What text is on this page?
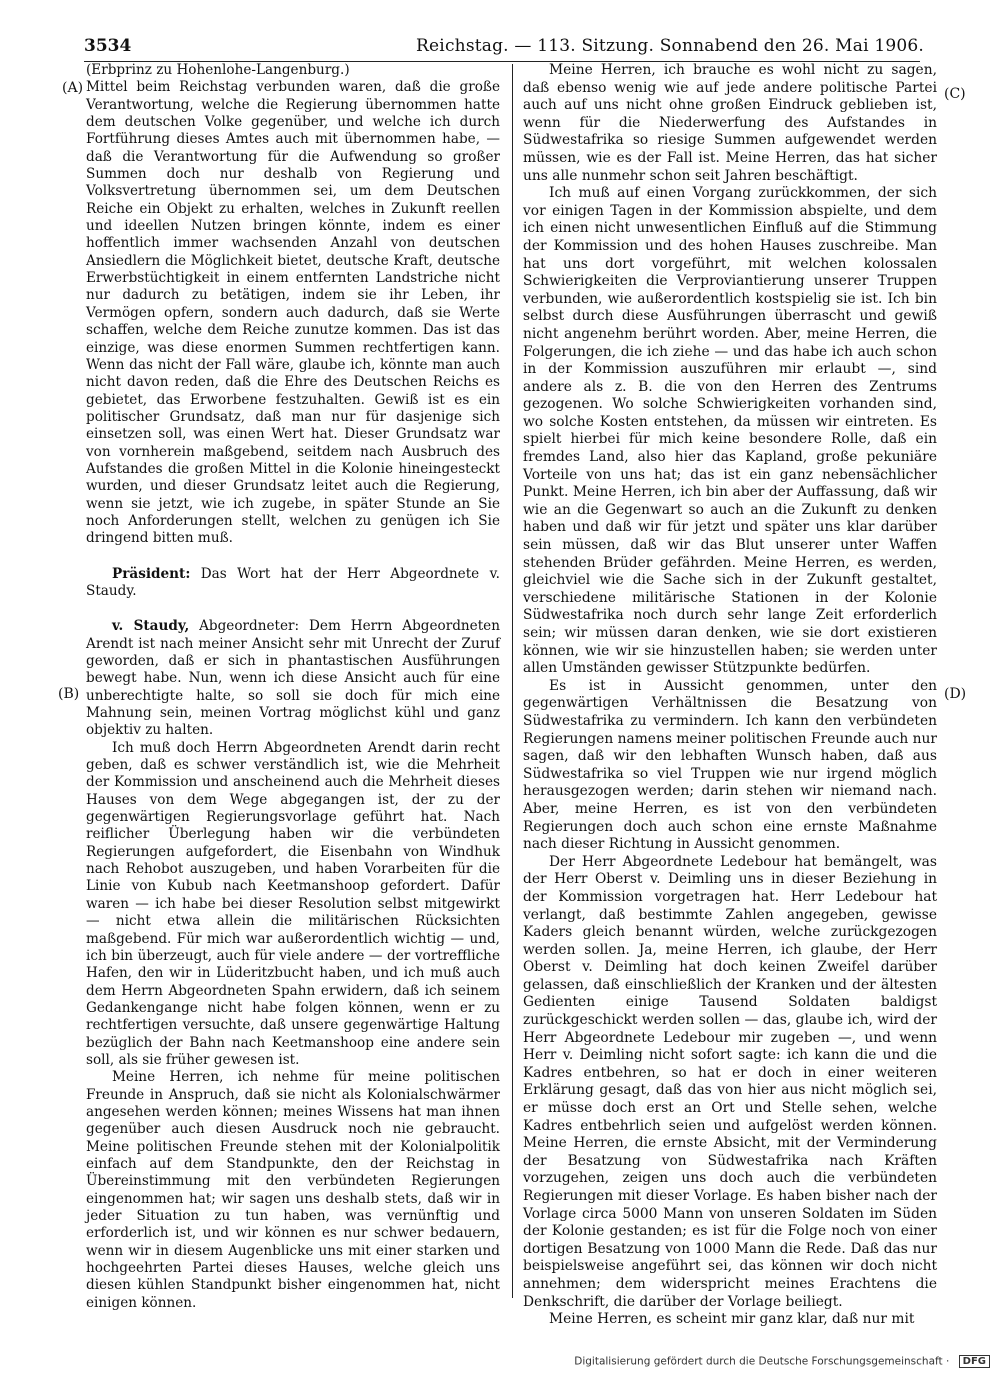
3534	Reichstag. — 113. Sitzung. Sonnabend den 26. Mai 1906.
(A)
(B)
(C)
(D)

(Erbprinz zu Hohenlohe-Langenburg.)

Mittel beim Reichstag verbunden waren, daß die große Verantwortung, welche die Regierung übernommen hatte dem deutschen Volke gegenüber, und welche ich durch Fortführung dieses Amtes auch mit übernommen habe, — daß die Verantwortung für die Aufwendung so großer Summen doch nur deshalb von Regierung und Volksvertretung übernommen sei, um dem Deutschen Reiche ein Objekt zu erhalten, welches in Zukunft reellen und ideellen Nutzen bringen könnte, indem es einer hoffentlich immer wachsenden Anzahl von deutschen Ansiedlern die Möglichkeit bietet, deutsche Kraft, deutsche Erwerbstüchtigkeit in einem entfernten Landstriche nicht nur dadurch zu betätigen, indem sie ihr Leben, ihr Vermögen opfern, sondern auch dadurch, daß sie Werte schaffen, welche dem Reiche zunutze kommen. Das ist das einzige, was diese enormen Summen rechtfertigen kann. Wenn das nicht der Fall wäre, glaube ich, könnte man auch nicht davon reden, daß die Ehre des Deutschen Reichs es gebietet, das Erworbene festzuhalten. Gewiß ist es ein politischer Grundsatz, daß man nur für dasjenige sich einsetzen soll, was einen Wert hat. Dieser Grundsatz war von vornherein maßgebend, seitdem nach Ausbruch des Aufstandes die großen Mittel in die Kolonie hineingesteckt wurden, und dieser Grundsatz leitet auch die Regierung, wenn sie jetzt, wie ich zugebe, in später Stunde an Sie noch Anforderungen stellt, welchen zu genügen ich Sie dringend bitten muß.

Präsident: Das Wort hat der Herr Abgeordnete v. Staudy.

v. Staudy, Abgeordneter: Dem Herrn Abgeordneten Arendt ist nach meiner Ansicht sehr mit Unrecht der Zuruf geworden, daß er sich in phantastischen Ausführungen bewegt habe. Nun, wenn ich diese Ansicht auch für eine unberechtigte halte, so soll sie doch für mich eine Mahnung sein, meinen Vortrag möglichst kühl und ganz objektiv zu halten.

Ich muß doch Herrn Abgeordneten Arendt darin recht geben, daß es schwer verständlich ist, wie die Mehrheit der Kommission und anscheinend auch die Mehrheit dieses Hauses von dem Wege abgegangen ist, der zu der gegenwärtigen Regierungsvorlage geführt hat. Nach reiflicher Überlegung haben wir die verbündeten Regierungen aufgefordert, die Eisenbahn von Windhuk nach Rehobot auszugeben, und haben Vorarbeiten für die Linie von Kubub nach Keetmanshoop gefordert. Dafür waren — ich habe bei dieser Resolution selbst mitgewirkt — nicht etwa allein die militärischen Rücksichten maßgebend. Für mich war außerordentlich wichtig — und, ich bin überzeugt, auch für viele andere — der vortreffliche Hafen, den wir in Lüderitzbucht haben, und ich muß auch dem Herrn Abgeordneten Spahn erwidern, daß ich seinem Gedankengange nicht habe folgen können, wenn er zu rechtfertigen versuchte, daß unsere gegenwärtige Haltung bezüglich der Bahn nach Keetmanshoop eine andere sein soll, als sie früher gewesen ist.

Meine Herren, ich nehme für meine politischen Freunde in Anspruch, daß sie nicht als Kolonialschwärmer angesehen werden können; meines Wissens hat man ihnen gegenüber auch diesen Ausdruck noch nie gebraucht. Meine politischen Freunde stehen mit der Kolonialpolitik einfach auf dem Standpunkte, den der Reichstag in Übereinstimmung mit den verbündeten Regierungen eingenommen hat; wir sagen uns deshalb stets, daß wir in jeder Situation zu tun haben, was vernünftig und erforderlich ist, und wir können es nur schwer bedauern, wenn wir in diesem Augenblicke uns mit einer starken und hochgeehrten Partei dieses Hauses, welche gleich uns diesen kühlen Standpunkt bisher eingenommen hat, nicht einigen können.

Meine Herren, ich brauche es wohl nicht zu sagen, daß ebenso wenig wie auf jede andere politische Partei auch auf uns nicht ohne großen Eindruck geblieben ist, wenn für die Niederwerfung des Aufstandes in Südwestafrika so riesige Summen aufgewendet werden müssen, wie es der Fall ist. Meine Herren, das hat sicher uns alle nunmehr schon seit Jahren beschäftigt.

Ich muß auf einen Vorgang zurückkommen, der sich vor einigen Tagen in der Kommission abspielte, und dem ich einen nicht unwesentlichen Einfluß auf die Stimmung der Kommission und des hohen Hauses zuschreibe. Man hat uns dort vorgeführt, mit welchen kolossalen Schwierigkeiten die Verproviantierung unserer Truppen verbunden, wie außerordentlich kostspielig sie ist. Ich bin selbst durch diese Ausführungen überrascht und gewiß nicht angenehm berührt worden. Aber, meine Herren, die Folgerungen, die ich ziehe — und das habe ich auch schon in der Kommission auszuführen mir erlaubt —, sind andere als z. B. die von den Herren des Zentrums gezogenen. Wo solche Schwierigkeiten vorhanden sind, wo solche Kosten entstehen, da müssen wir eintreten. Es spielt hierbei für mich keine besondere Rolle, daß ein fremdes Land, also hier das Kapland, große pekuniäre Vorteile von uns hat; das ist ein ganz nebensächlicher Punkt. Meine Herren, ich bin aber der Auffassung, daß wir wie an die Gegenwart so auch an die Zukunft zu denken haben und daß wir für jetzt und später uns klar darüber sein müssen, daß wir das Blut unserer unter Waffen stehenden Brüder gefährden. Meine Herren, es werden, gleichviel wie die Sache sich in der Zukunft gestaltet, verschiedene militärische Stationen in der Kolonie Südwestafrika noch durch sehr lange Zeit erforderlich sein; wir müssen daran denken, wie sie dort existieren können, wie wir sie hinzustellen haben; sie werden unter allen Umständen gewisser Stützpunkte bedürfen.

Es ist in Aussicht genommen, unter den gegenwärtigen Verhältnissen die Besatzung von Südwestafrika zu vermindern. Ich kann den verbündeten Regierungen namens meiner politischen Freunde auch nur sagen, daß wir den lebhaften Wunsch haben, daß aus Südwestafrika so viel Truppen wie nur irgend möglich herausgezogen werden; darin stehen wir niemand nach. Aber, meine Herren, es ist von den verbündeten Regierungen doch auch schon eine ernste Maßnahme nach dieser Richtung in Aussicht genommen.

Der Herr Abgeordnete Ledebour hat bemängelt, was der Herr Oberst v. Deimling uns in dieser Beziehung in der Kommission vorgetragen hat. Herr Ledebour hat verlangt, daß bestimmte Zahlen angegeben, gewisse Kaders gleich benannt würden, welche zurückgezogen werden sollen. Ja, meine Herren, ich glaube, der Herr Oberst v. Deimling hat doch keinen Zweifel darüber gelassen, daß einschließlich der Kranken und der ältesten Gedienten einige Tausend Soldaten baldigst zurückgeschickt werden sollen — das, glaube ich, wird der Herr Abgeordnete Ledebour mir zugeben —, und wenn Herr v. Deimling nicht sofort sagte: ich kann die und die Kadres entbehren, so hat er doch in einer weiteren Erklärung gesagt, daß das von hier aus nicht möglich sei, er müsse doch erst an Ort und Stelle sehen, welche Kadres entbehrlich seien und aufgelöst werden können. Meine Herren, die ernste Absicht, mit der Verminderung der Besatzung von Südwestafrika nach Kräften vorzugehen, zeigen uns doch auch die verbündeten Regierungen mit dieser Vorlage. Es haben bisher nach der Vorlage circa 5000 Mann von unseren Soldaten im Süden der Kolonie gestanden; es ist für die Folge noch von einer dortigen Besatzung von 1000 Mann die Rede. Daß das nur beispielsweise angeführt sei, das können wir doch nicht annehmen; dem widerspricht meines Erachtens die Denkschrift, die darüber der Vorlage beiliegt.

Meine Herren, es scheint mir ganz klar, daß nur mit

Digitalisierung gefördert durch die Deutsche Forschungsgemeinschaft · DFG
